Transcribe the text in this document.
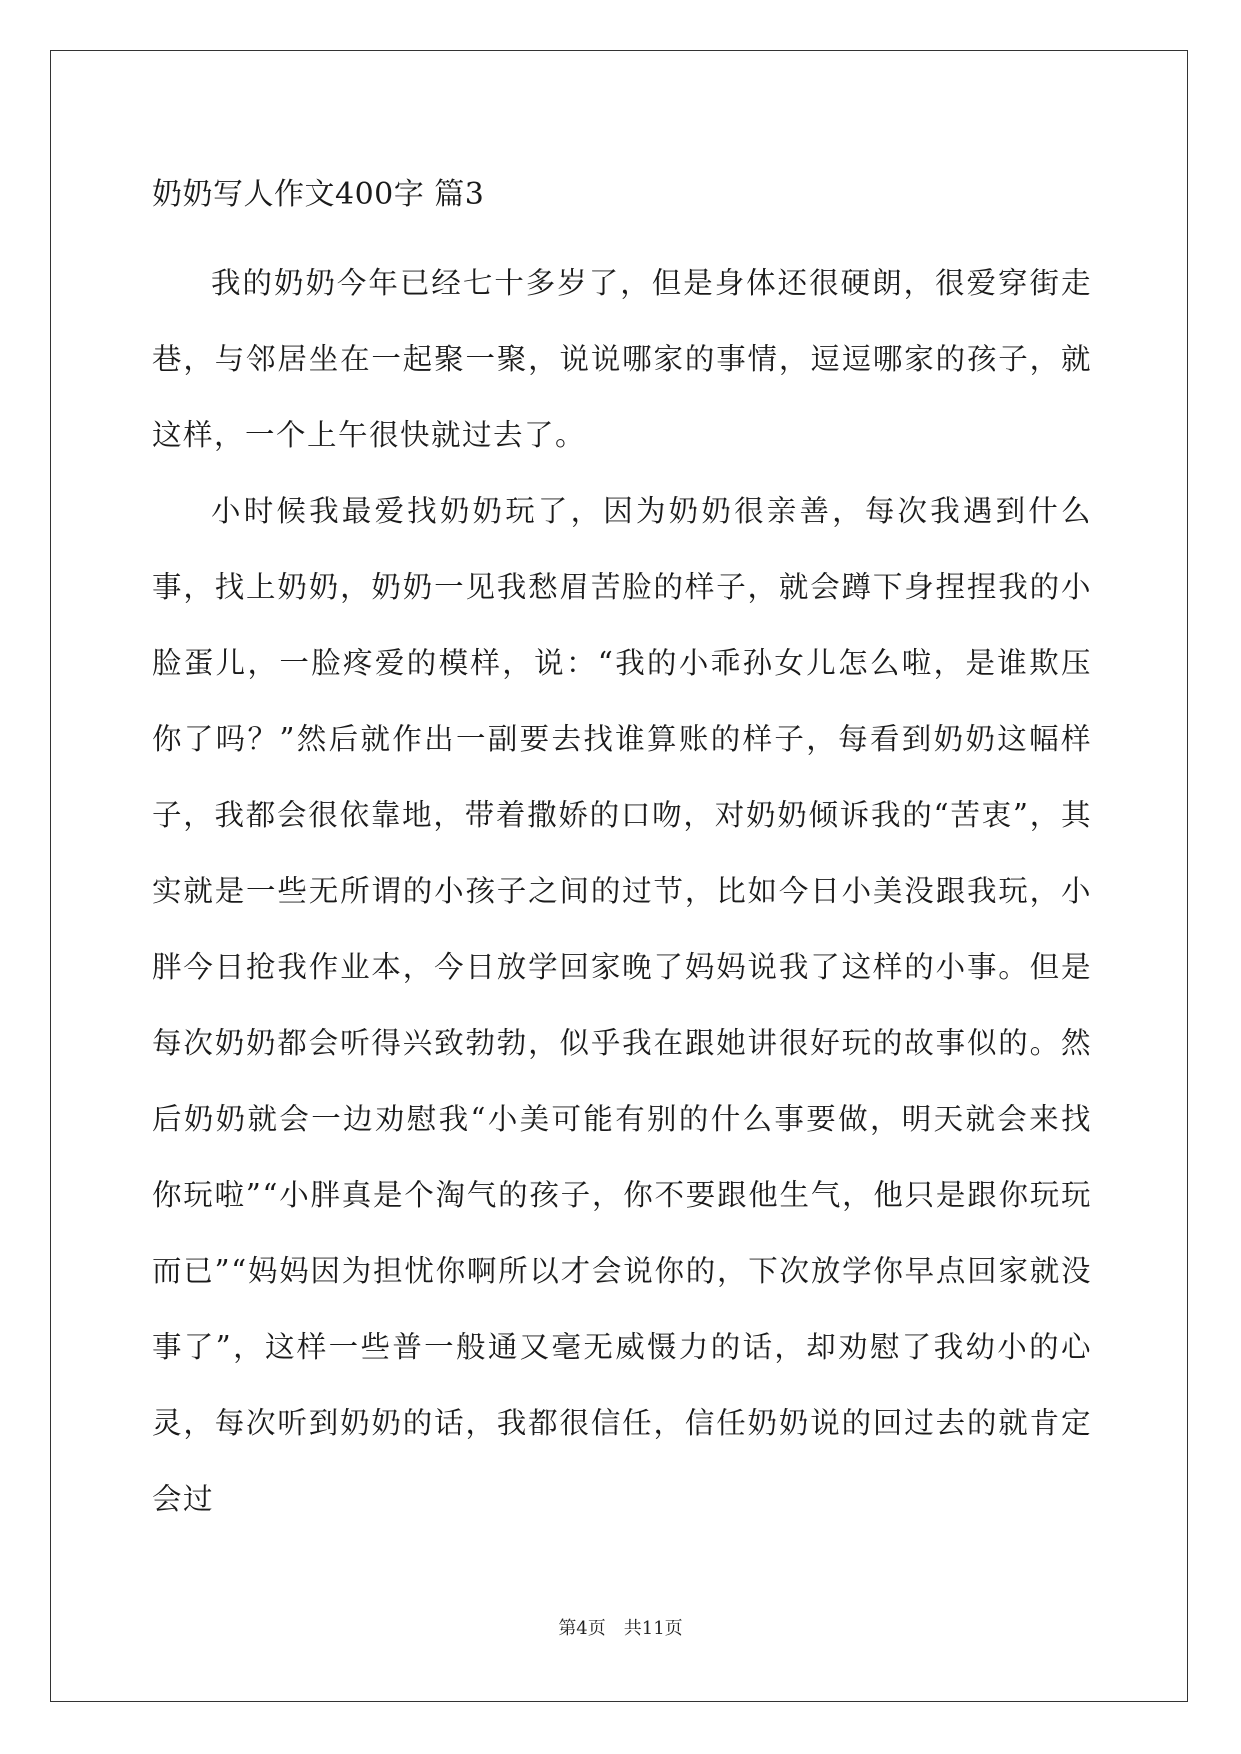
奶奶写人作文400字 篇3

我的奶奶今年已经七十多岁了，但是身体还很硬朗，很爱穿街走巷，与邻居坐在一起聚一聚，说说哪家的事情，逗逗哪家的孩子，就这样，一个上午很快就过去了。

小时候我最爱找奶奶玩了，因为奶奶很亲善，每次我遇到什么事，找上奶奶，奶奶一见我愁眉苦脸的样子，就会蹲下身捏捏我的小脸蛋儿，一脸疼爱的模样，说：“我的小乖孙女儿怎么啦，是谁欺压你了吗？”然后就作出一副要去找谁算账的样子，每看到奶奶这幅样子，我都会很依靠地，带着撒娇的口吻，对奶奶倾诉我的“苦衷”，其实就是一些无所谓的小孩子之间的过节，比如今日小美没跟我玩，小胖今日抢我作业本，今日放学回家晚了妈妈说我了这样的小事。但是每次奶奶都会听得兴致勃勃，似乎我在跟她讲很好玩的故事似的。然后奶奶就会一边劝慰我“小美可能有别的什么事要做，明天就会来找你玩啦”“小胖真是个淘气的孩子，你不要跟他生气，他只是跟你玩玩而已”“妈妈因为担忧你啊所以才会说你的，下次放学你早点回家就没事了”，这样一些普一般通又毫无威慑力的话，却劝慰了我幼小的心灵，每次听到奶奶的话，我都很信任，信任奶奶说的回过去的就肯定会过

第4页 共11页
